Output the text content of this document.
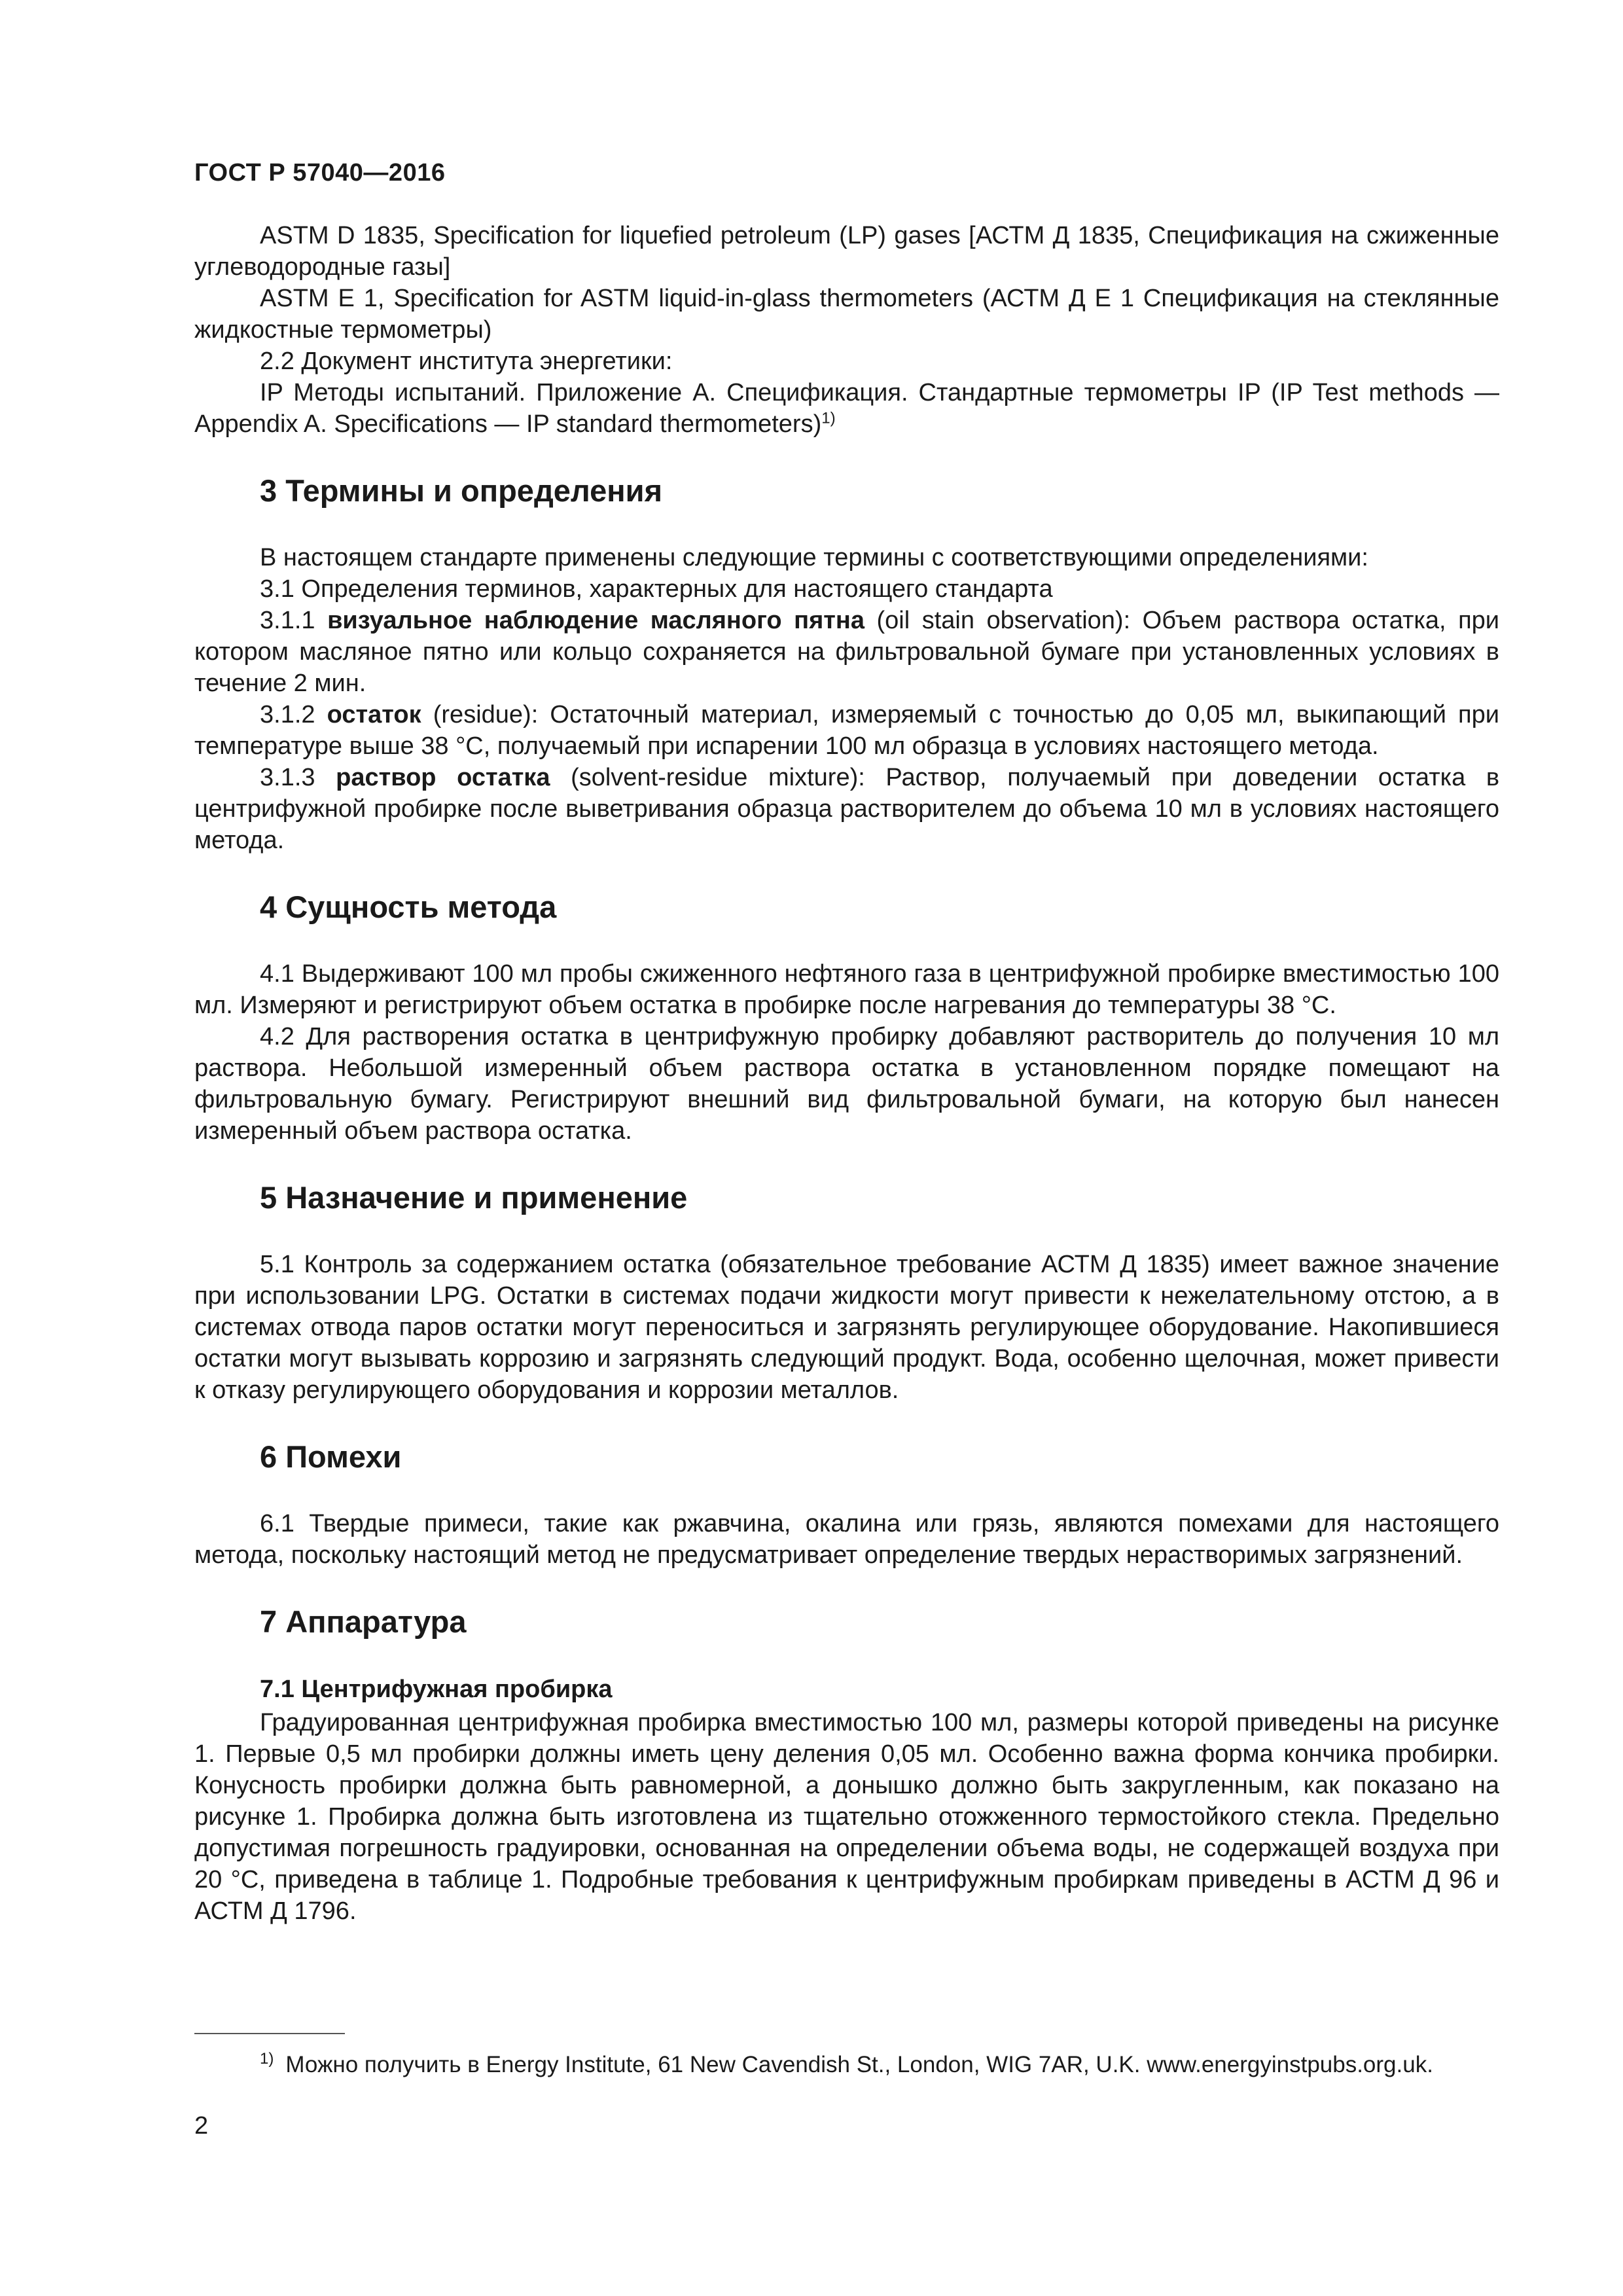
ГОСТ Р 57040—2016

ASTM D 1835, Specification for liquefied petroleum (LP) gases [АСТМ Д 1835, Спецификация на сжиженные углеводородные газы]

ASTM E 1, Specification for ASTM liquid-in-glass thermometers (АСТМ Д Е 1 Спецификация на стеклянные жидкостные термометры)

2.2 Документ института энергетики:

IP Методы испытаний. Приложение А. Спецификация. Стандартные термометры IP (IP Test methods — Appendix A. Specifications — IP standard thermometers)$^{1)}$

3 Термины и определения

В настоящем стандарте применены следующие термины с соответствующими определениями:

3.1 Определения терминов, характерных для настоящего стандарта

3.1.1 визуальное наблюдение масляного пятна (oil stain observation): Объем раствора остатка, при котором масляное пятно или кольцо сохраняется на фильтровальной бумаге при установленных условиях в течение 2 мин.

3.1.2 остаток (residue): Остаточный материал, измеряемый с точностью до 0,05 мл, выкипающий при температуре выше 38 °С, получаемый при испарении 100 мл образца в условиях настоящего метода.

3.1.3 раствор остатка (solvent-residue mixture): Раствор, получаемый при доведении остатка в центрифужной пробирке после выветривания образца растворителем до объема 10 мл в условиях настоящего метода.

4 Сущность метода

4.1 Выдерживают 100 мл пробы сжиженного нефтяного газа в центрифужной пробирке вместимостью 100 мл. Измеряют и регистрируют объем остатка в пробирке после нагревания до температуры 38 °С.

4.2 Для растворения остатка в центрифужную пробирку добавляют растворитель до получения 10 мл раствора. Небольшой измеренный объем раствора остатка в установленном порядке помещают на фильтровальную бумагу. Регистрируют внешний вид фильтровальной бумаги, на которую был нанесен измеренный объем раствора остатка.

5 Назначение и применение

5.1 Контроль за содержанием остатка (обязательное требование АСТМ Д 1835) имеет важное значение при использовании LPG. Остатки в системах подачи жидкости могут привести к нежелательному отстою, а в системах отвода паров остатки могут переноситься и загрязнять регулирующее оборудование. Накопившиеся остатки могут вызывать коррозию и загрязнять следующий продукт. Вода, особенно щелочная, может привести к отказу регулирующего оборудования и коррозии металлов.

6 Помехи

6.1 Твердые примеси, такие как ржавчина, окалина или грязь, являются помехами для настоящего метода, поскольку настоящий метод не предусматривает определение твердых нерастворимых загрязнений.

7 Аппаратура
7.1 Центрифужная пробирка

Градуированная центрифужная пробирка вместимостью 100 мл, размеры которой приведены на рисунке 1. Первые 0,5 мл пробирки должны иметь цену деления 0,05 мл. Особенно важна форма кончика пробирки. Конусность пробирки должна быть равномерной, а донышко должно быть закругленным, как показано на рисунке 1. Пробирка должна быть изготовлена из тщательно отожженного термостойкого стекла. Предельно допустимая погрешность градуировки, основанная на определении объема воды, не содержащей воздуха при 20 °С, приведена в таблице 1. Подробные требования к центрифужным пробиркам приведены в АСТМ Д 96 и АСТМ Д 1796.

$^{1)}$ Можно получить в Energy Institute, 61 New Cavendish St., London, WIG 7AR, U.K. www.energyinstpubs.org.uk.
2
